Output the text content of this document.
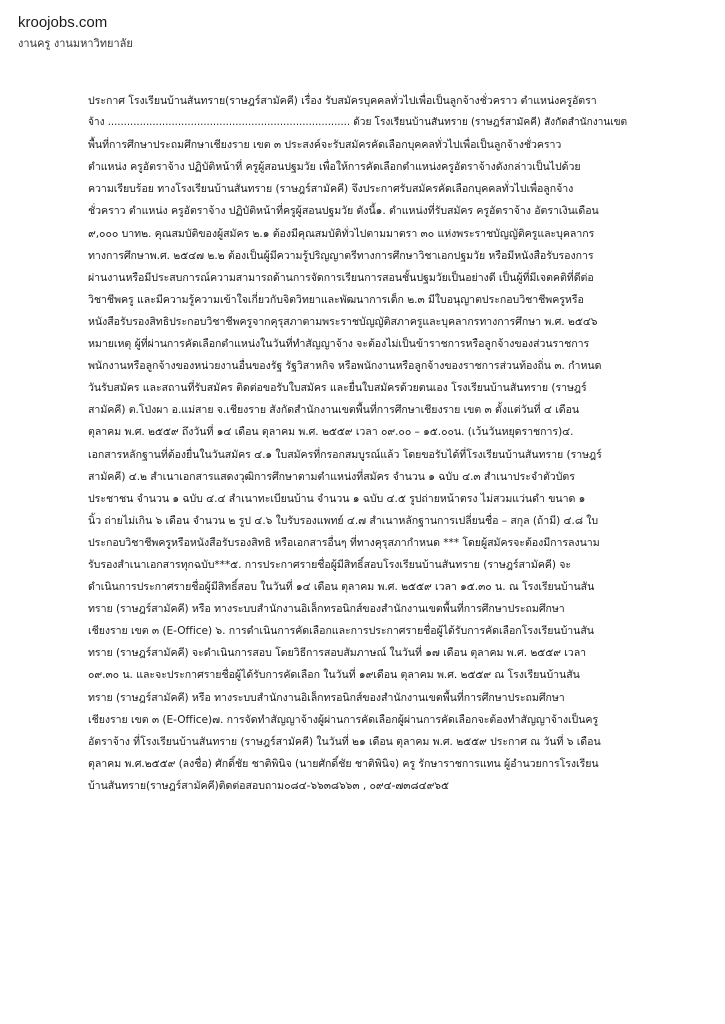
kroojobs.com
งานครู งานมหาวิทยาลัย
ประกาศ โรงเรียนบ้านสันทราย(ราษฎร์สามัคคี) เรื่อง รับสมัครบุคคลทั่วไปเพื่อเป็นลูกจ้างชั่วคราว ตำแหน่งครูอัตรา
จ้าง ............................................................................ ด้วย โรงเรียนบ้านสันทราย (ราษฎร์สามัคคี) สังกัดสำนักงานเขต
พื้นที่การศึกษาประถมศึกษาเชียงราย เขต ๓ ประสงค์จะรับสมัครคัดเลือกบุคคลทั่วไปเพื่อเป็นลูกจ้างชั่วคราว
ตำแหน่ง ครูอัตราจ้าง ปฏิบัติหน้าที่ ครูผู้สอนปฐมวัย เพื่อให้การคัดเลือกตำแหน่งครูอัตราจ้างดังกล่าวเป็นไปด้วย
ความเรียบร้อย ทางโรงเรียนบ้านสันทราย (ราษฎร์สามัคคี) จึงประกาศรับสมัครคัดเลือกบุคคลทั่วไปเพื่อลูกจ้าง
ชั่วคราว ตำแหน่ง ครูอัตราจ้าง ปฏิบัติหน้าที่ครูผู้สอนปฐมวัย ดังนี้๑. ตำแหน่งที่รับสมัคร ครูอัตราจ้าง อัตราเงินเดือน
๙,๐๐๐ บาท๒. คุณสมบัติของผู้สมัคร ๒.๑ ต้องมีคุณสมบัติทั่วไปตามมาตรา ๓๐ แห่งพระราชบัญญัติครูและบุคลากร
ทางการศึกษาพ.ศ. ๒๕๔๗ ๒.๒ ต้องเป็นผู้มีความรู้ปริญญาตรีทางการศึกษาวิชาเอกปฐมวัย หรือมีหนังสือรับรองการ
ผ่านงานหรือมีประสบการณ์ความสามารถด้านการจัดการเรียนการสอนชั้นปฐมวัยเป็นอย่างดี เป็นผู้ที่มีเจตคติที่ดีต่อ
วิชาชีพครู และมีความรู้ความเข้าใจเกี่ยวกับจิตวิทยาและพัฒนาการเด็ก ๒.๓ มีใบอนุญาตประกอบวิชาชีพครูหรือ
หนังสือรับรองสิทธิประกอบวิชาชีพครูจากคุรุสภาตามพระราชบัญญัติสภาครูและบุคลากรทางการศึกษา พ.ศ. ๒๕๔๖
หมายเหตุ ผู้ที่ผ่านการคัดเลือกตำแหน่งในวันที่ทำสัญญาจ้าง จะต้องไม่เป็นข้าราชการหรือลูกจ้างของส่วนราชการ
พนักงานหรือลูกจ้างของหน่วยงานอื่นของรัฐ รัฐวิสาหกิจ หรือพนักงานหรือลูกจ้างของราชการส่วนท้องถิ่น ๓. กำหนด
วันรับสมัคร และสถานที่รับสมัคร ติดต่อขอรับใบสมัคร และยื่นใบสมัครด้วยตนเอง โรงเรียนบ้านสันทราย (ราษฎร์
สามัคคี) ต.โป่งผา อ.แม่สาย จ.เชียงราย สังกัดสำนักงานเขตพื้นที่การศึกษาเชียงราย เขต ๓ ตั้งแต่วันที่ ๔ เดือน
ตุลาคม พ.ศ. ๒๕๕๙ ถึงวันที่ ๑๔ เดือน ตุลาคม พ.ศ. ๒๕๕๙ เวลา ๐๙.๐๐ – ๑๕.๐๐น. (เว้นวันหยุดราชการ)๔.
เอกสารหลักฐานที่ต้องยื่นในวันสมัคร ๔.๑ ใบสมัครที่กรอกสมบูรณ์แล้ว โดยขอรับได้ที่โรงเรียนบ้านสันทราย (ราษฎร์
สามัคคี) ๔.๒ สำเนาเอกสารแสดงวุฒิการศึกษาตามตำแหน่งที่สมัคร จำนวน ๑ ฉบับ ๔.๓ สำเนาประจำตัวบัตร
ประชาชน จำนวน ๑ ฉบับ ๔.๔ สำเนาทะเบียนบ้าน จำนวน ๑ ฉบับ ๔.๕ รูปถ่ายหน้าตรง ไม่สวมแว่นดำ ขนาด ๑
นิ้ว ถ่ายไม่เกิน ๖ เดือน จำนวน ๒ รูป ๔.๖ ใบรับรองแพทย์ ๔.๗ สำเนาหลักฐานการเปลี่ยนชื่อ – สกุล (ถ้ามี) ๔.๘ ใบ
ประกอบวิชาชีพครูหรือหนังสือรับรองสิทธิ หรือเอกสารอื่นๆ ที่ทางคุรุสภากำหนด *** โดยผู้สมัครจะต้องมีการลงนาม
รับรองสำเนาเอกสารทุกฉบับ***๕. การประกาศรายชื่อผู้มีสิทธิ์สอบโรงเรียนบ้านสันทราย (ราษฎร์สามัคคี) จะ
ดำเนินการประกาศรายชื่อผู้มีสิทธิ์สอบ ในวันที่ ๑๔ เดือน ตุลาคม พ.ศ. ๒๕๕๙ เวลา ๑๕.๓๐ น. ณ โรงเรียนบ้านสัน
ทราย (ราษฎร์สามัคคี) หรือ ทางระบบสำนักงานอิเล็กทรอนิกส์ของสำนักงานเขตพื้นที่การศึกษาประถมศึกษา
เชียงราย เขต ๓ (E-Office) ๖. การดำเนินการคัดเลือกและการประกาศรายชื่อผู้ได้รับการคัดเลือกโรงเรียนบ้านสัน
ทราย (ราษฎร์สามัคคี) จะดำเนินการสอบ โดยวิธีการสอบสัมภาษณ์ ในวันที่ ๑๗ เดือน ตุลาคม พ.ศ. ๒๕๕๙ เวลา
๐๙.๓๐ น. และจะประกาศรายชื่อผู้ได้รับการคัดเลือก ในวันที่ ๑๙เดือน ตุลาคม พ.ศ. ๒๕๕๙ ณ โรงเรียนบ้านสัน
ทราย (ราษฎร์สามัคคี) หรือ ทางระบบสำนักงานอิเล็กทรอนิกส์ของสำนักงานเขตพื้นที่การศึกษาประถมศึกษา
เชียงราย เขต ๓ (E-Office)๗. การจัดทำสัญญาจ้างผู้ผ่านการคัดเลือกผู้ผ่านการคัดเลือกจะต้องทำสัญญาจ้างเป็นครู
อัตราจ้าง ที่โรงเรียนบ้านสันทราย (ราษฎร์สามัคคี) ในวันที่ ๒๑ เดือน ตุลาคม พ.ศ. ๒๕๕๙ ประกาศ ณ วันที่ ๖ เดือน
ตุลาคม พ.ศ.๒๕๕๙ (ลงชื่อ) ศักดิ์ชัย ชาติพินิจ (นายศักดิ์ชัย ชาติพินิจ) ครู รักษาราชการแทน ผู้อำนวยการโรงเรียน
บ้านสันทราย(ราษฎร์สามัคคี)ติดต่อสอบถาม๐๘๔-๖๖๓๘๖๖๓ , ๐๙๔-๗๓๘๔๙๖๕
